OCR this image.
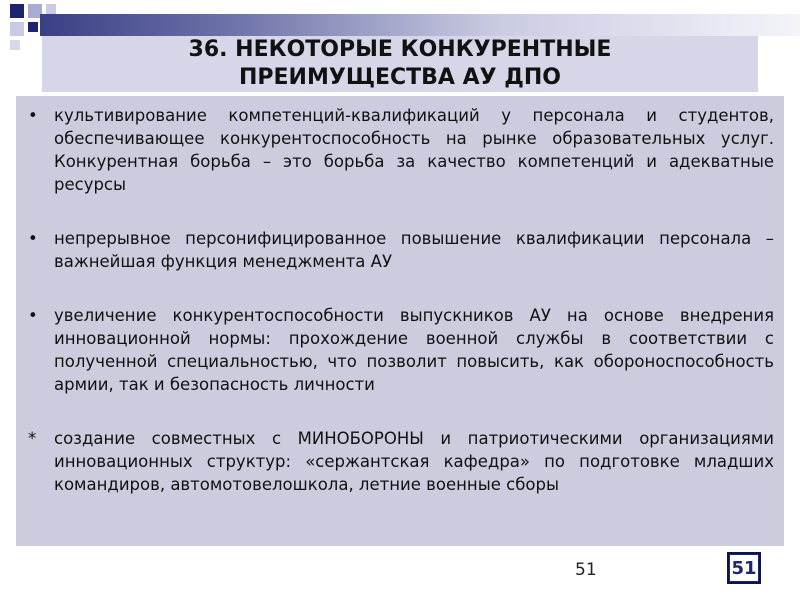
36. НЕКОТОРЫЕ КОНКУРЕНТНЫЕ
ПРЕИМУЩЕСТВА АУ ДПО
• культивирование компетенций-квалификаций у персонала и студентов, обеспечивающее конкурентоспособность на рынке образовательных услуг. Конкурентная борьба – это борьба за качество компетенций и адекватные ресурсы
• непрерывное персонифицированное повышение квалификации персонала – важнейшая функция менеджмента АУ
• увеличение конкурентоспособности выпускников АУ на основе внедрения инновационной нормы: прохождение военной службы в соответствии с полученной специальностью, что позволит повысить, как обороноспособность армии, так и безопасность личности
*	создание совместных с МИНОБОРОНЫ и патриотическими организациями инновационных структур: «сержантская кафедра» по подготовке младших командиров, автомотовелошкола, летние военные сборы
51	51
